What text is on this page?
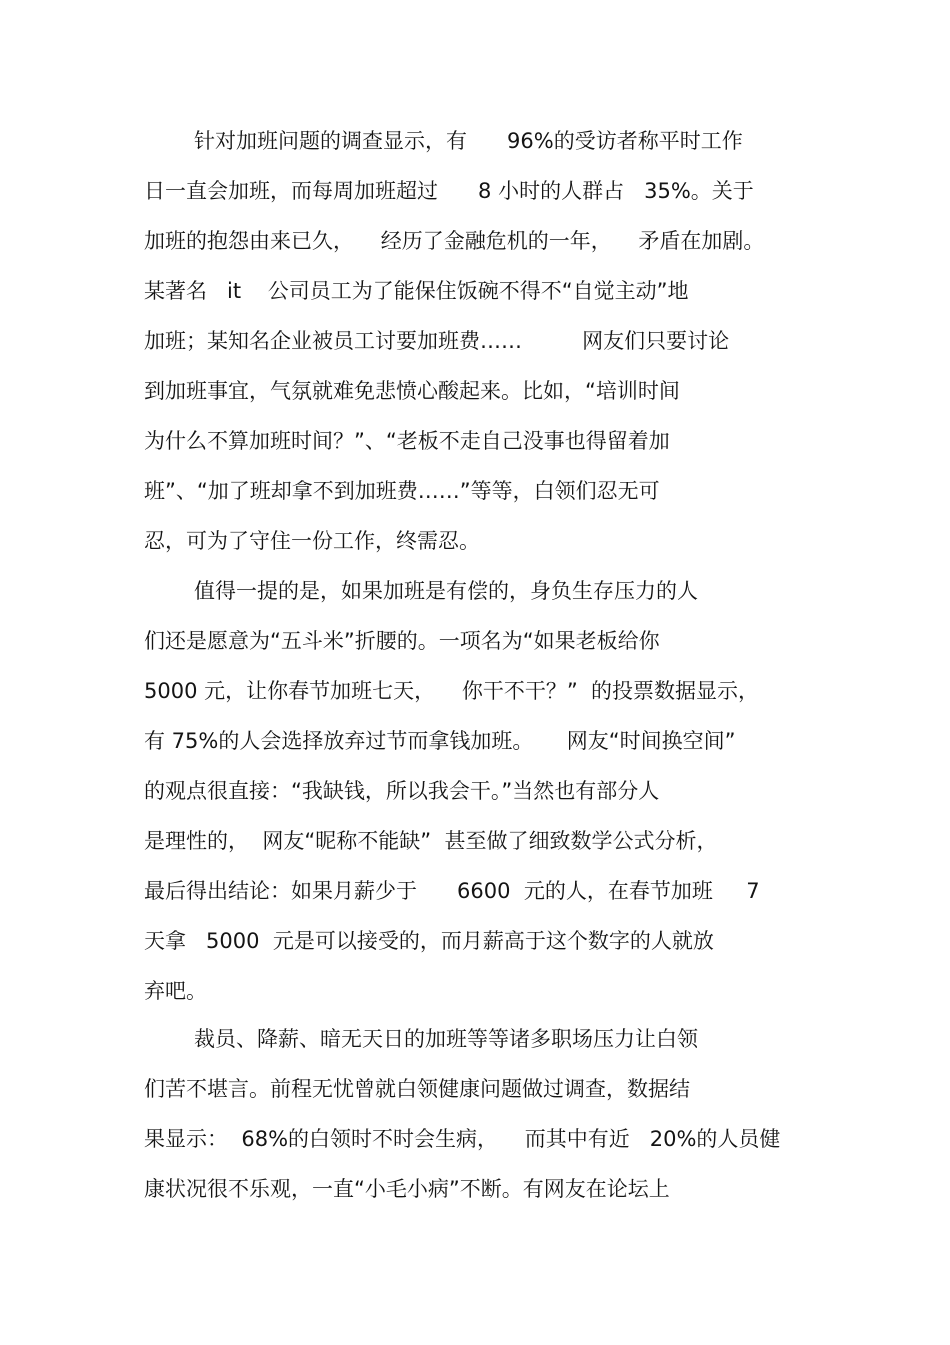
针对加班问题的调查显示，有      96%的受访者称平时工作
日一直会加班，而每周加班超过      8 小时的人群占   35%。关于
加班的抱怨由来已久，    经历了金融危机的一年，    矛盾在加剧。
某著名   it    公司员工为了能保住饭碗不得不“自觉主动”地
加班；某知名企业被员工讨要加班费……         网友们只要讨论
到加班事宜，气氛就难免悲愤心酸起来。比如，“培训时间
为什么不算加班时间？”、“老板不走自己没事也得留着加
班”、“加了班却拿不到加班费……”等等，白领们忍无可
忍，可为了守住一份工作，终需忍。
值得一提的是，如果加班是有偿的，身负生存压力的人
们还是愿意为“五斗米”折腰的。一项名为“如果老板给你
5000 元，让你春节加班七天，    你干不干？”  的投票数据显示，
有 75%的人会选择放弃过节而拿钱加班。     网友“时间换空间”
的观点很直接：“我缺钱，所以我会干。”当然也有部分人
是理性的，  网友“昵称不能缺”  甚至做了细致数学公式分析，
最后得出结论：如果月薪少于      6600  元的人，在春节加班     7
天拿   5000  元是可以接受的，而月薪高于这个数字的人就放
弃吧。
裁员、降薪、暗无天日的加班等等诸多职场压力让白领
们苦不堪言。前程无忧曾就白领健康问题做过调查，数据结
果显示：  68%的白领时不时会生病，    而其中有近   20%的人员健
康状况很不乐观，一直“小毛小病”不断。有网友在论坛上
